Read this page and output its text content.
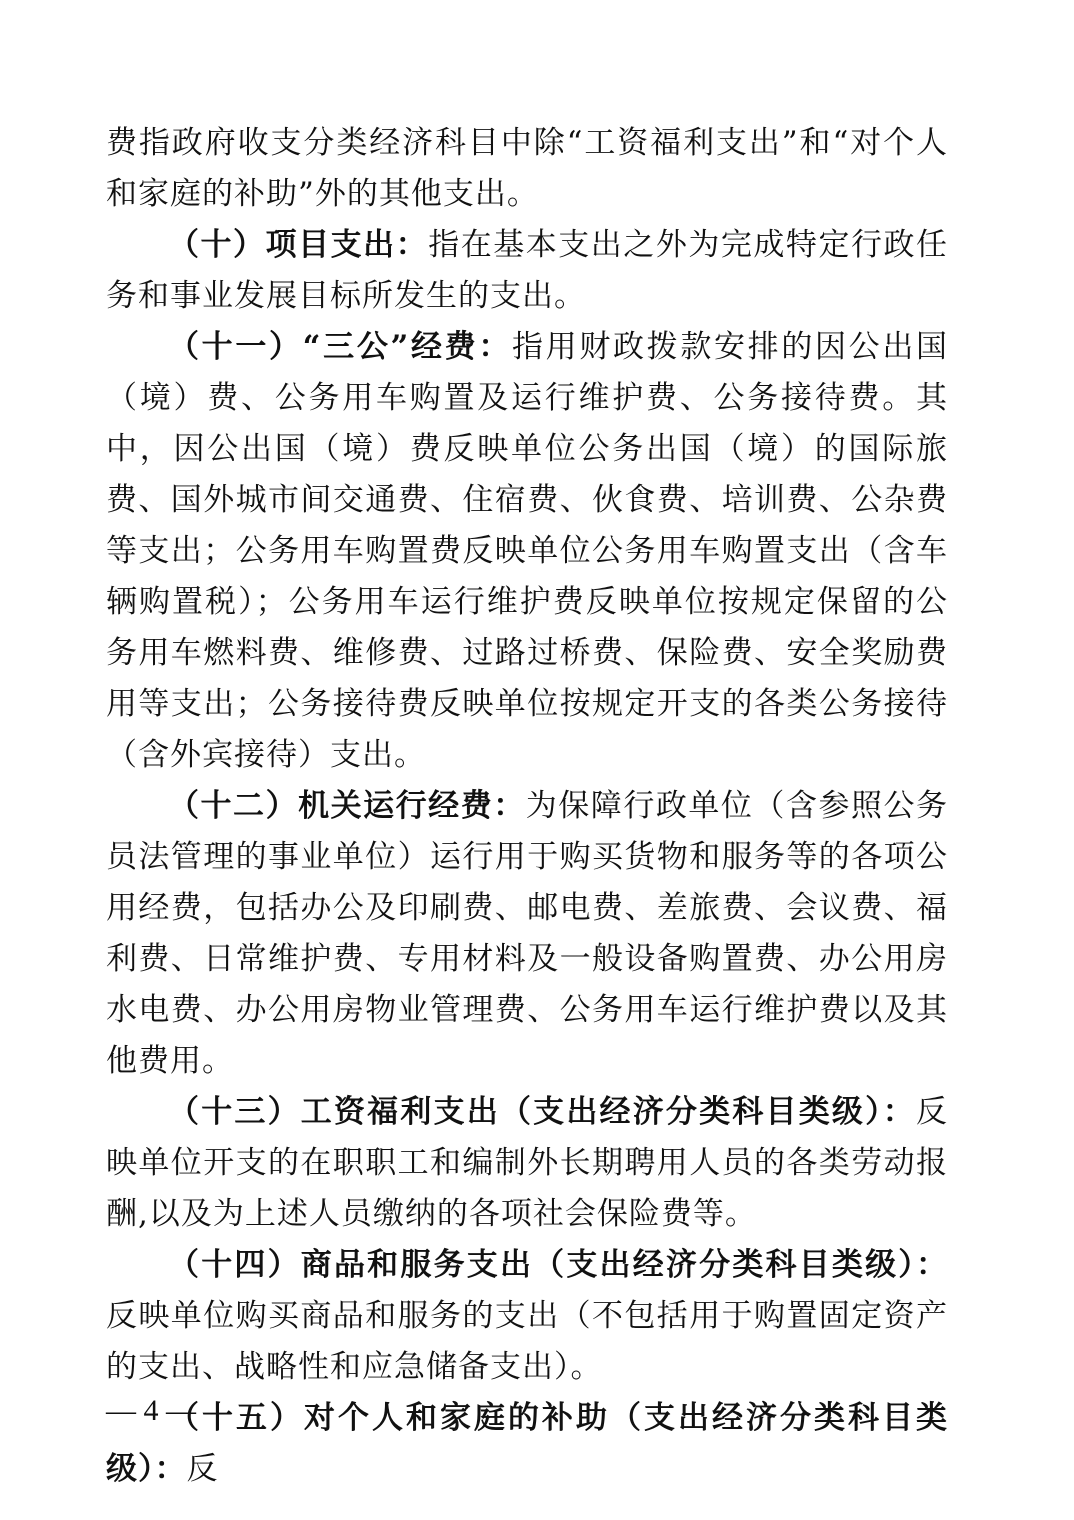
费指政府收支分类经济科目中除“工资福利支出”和“对个人和家庭的补助”外的其他支出。

（十）项目支出：指在基本支出之外为完成特定行政任务和事业发展目标所发生的支出。

（十一）“三公”经费：指用财政拨款安排的因公出国（境）费、公务用车购置及运行维护费、公务接待费。其中，因公出国（境）费反映单位公务出国（境）的国际旅费、国外城市间交通费、住宿费、伙食费、培训费、公杂费等支出；公务用车购置费反映单位公务用车购置支出（含车辆购置税）；公务用车运行维护费反映单位按规定保留的公务用车燃料费、维修费、过路过桥费、保险费、安全奖励费用等支出；公务接待费反映单位按规定开支的各类公务接待（含外宾接待）支出。

（十二）机关运行经费：为保障行政单位（含参照公务员法管理的事业单位）运行用于购买货物和服务等的各项公用经费，包括办公及印刷费、邮电费、差旅费、会议费、福利费、日常维护费、专用材料及一般设备购置费、办公用房水电费、办公用房物业管理费、公务用车运行维护费以及其他费用。

（十三）工资福利支出（支出经济分类科目类级）：反映单位开支的在职职工和编制外长期聘用人员的各类劳动报酬,以及为上述人员缴纳的各项社会保险费等。

（十四）商品和服务支出（支出经济分类科目类级）：反映单位购买商品和服务的支出（不包括用于购置固定资产的支出、战略性和应急储备支出）。

（十五）对个人和家庭的补助（支出经济分类科目类级）：反

— 4 —
